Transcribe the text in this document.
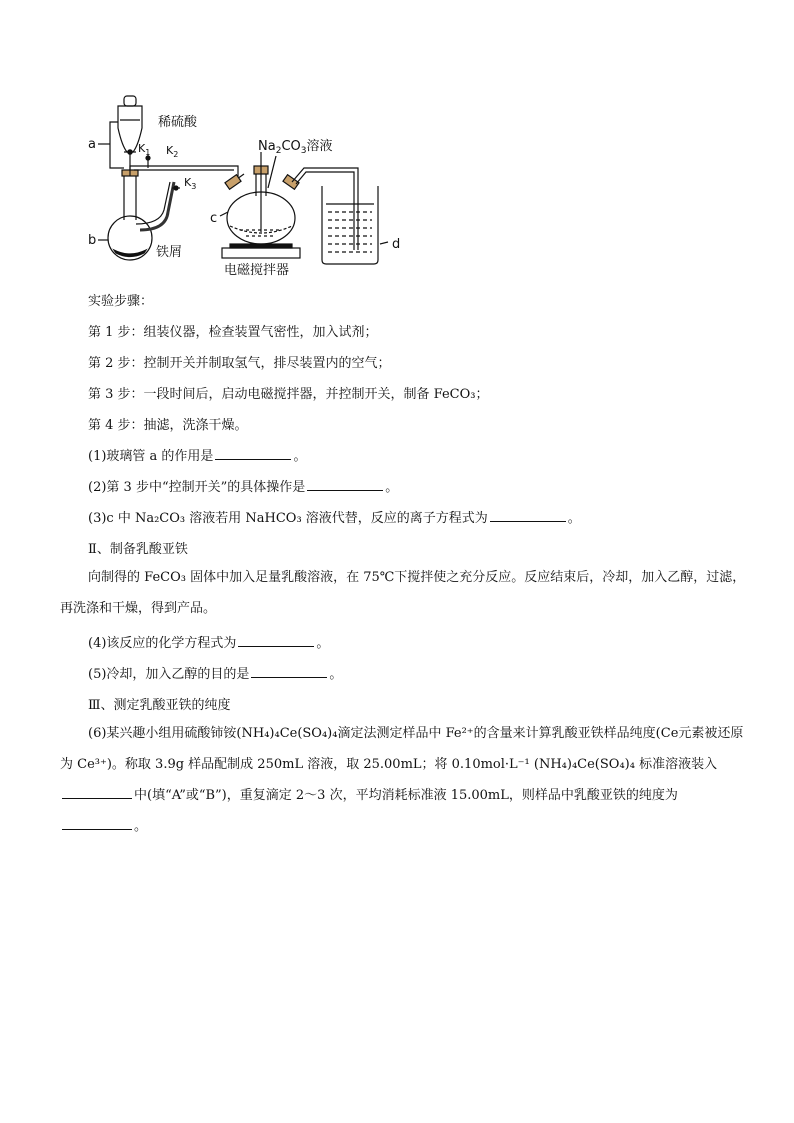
稀硫酸
a	$K_1$ $K_2$
$K_3$
b
铁屑
$Na_2CO_3$溶液
c
d
电磁搅拌器
实验步骤：
第 1 步：组装仪器，检查装置气密性，加入试剂；
第 2 步：控制开关并制取氢气，排尽装置内的空气；
第 3 步：一段时间后，启动电磁搅拌器，并控制开关，制备 FeCO₃；
第 4 步：抽滤，洗涤干燥。
(1)玻璃管 a 的作用是	。
(2)第 3 步中“控制开关”的具体操作是	。
(3)c 中 Na₂CO₃ 溶液若用 NaHCO₃ 溶液代替，反应的离子方程式为	。
Ⅱ、制备乳酸亚铁
向制得的 FeCO₃ 固体中加入足量乳酸溶液，在 75℃下搅拌使之充分反应。反应结束后，冷却，加入乙醇，过滤，再洗涤和干燥，得到产品。
(4)该反应的化学方程式为	。
(5)冷却，加入乙醇的目的是	。
Ⅲ、测定乳酸亚铁的纯度
(6)某兴趣小组用硫酸铈铵(NH₄)₄Ce(SO₄)₄滴定法测定样品中 Fe²⁺的含量来计算乳酸亚铁样品纯度(Ce元素被还原为 Ce³⁺)。称取 3.9g 样品配制成 250mL 溶液，取 25.00mL；将 0.10mol·L⁻¹ (NH₄)₄Ce(SO₄)₄ 标准溶液装入中(填“A”或“B”)，重复滴定 2～3 次，平均消耗标准液 15.00mL，则样品中乳酸亚铁的纯度为。
